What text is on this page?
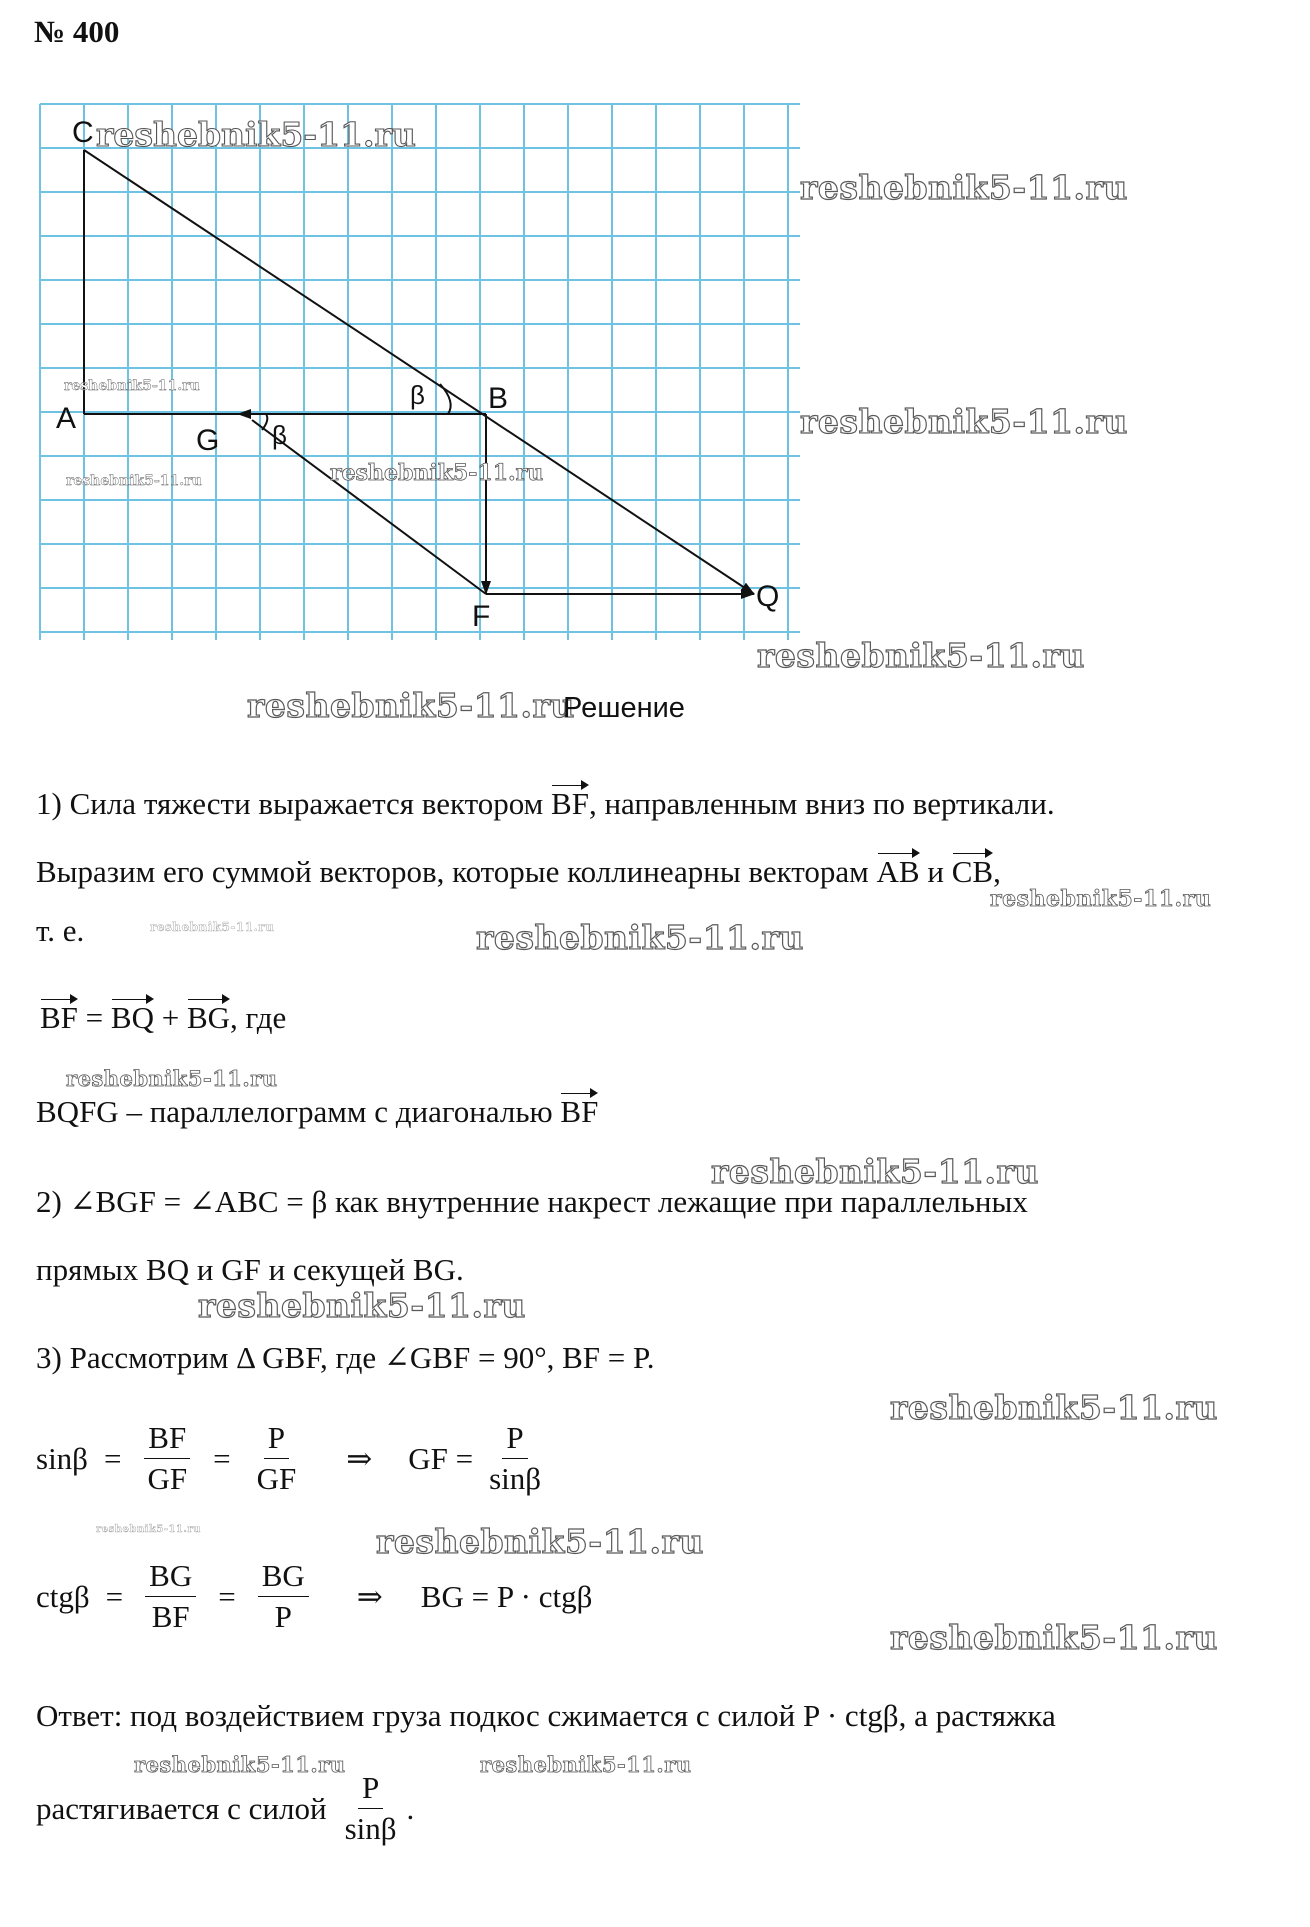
№ 400
C
A
G
B
F
Q
β
β
reshebnik5-11.ru
reshebnik5-11.ru
reshebnik5-11.ru	reshebnik5-11.ru
reshebnik5-11.ru
reshebnik5-11.ru
reshebnik5-11.ru
reshebnik5-11.ru
Решение
1) Сила тяжести выражается вектором BF, направленным вниз по вертикали.
Выразим его суммой векторов, которые коллинеарны векторам AB и CB,
reshebnik5-11.ru
т. е.	reshebnik5-11.ru	reshebnik5-11.ru
BF = BQ + BG, где
reshebnik5-11.ru
BQFG – параллелограмм с диагональю BF
reshebnik5-11.ru
2) ∠BGF = ∠ABC = β как внутренние накрест лежащие при параллельных
прямых BQ и GF и секущей BG.
reshebnik5-11.ru
3) Рассмотрим Δ GBF, где ∠GBF = 90°, BF = P.
reshebnik5-11.ru
$\sin\beta = \frac{BF}{GF} = \frac{P}{GF}$ ⇒ GF = $\frac{P}{\sin\beta}$
reshebnik5-11.ru	reshebnik5-11.ru
$ctg\beta = \frac{BG}{BF} = \frac{BG}{P}$ ⇒ BG = P · ctgβ
reshebnik5-11.ru
Ответ: под воздействием груза подкос сжимается с силой P · ctgβ, а растяжка
reshebnik5-11.ru	reshebnik5-11.ru
растягивается с силой $\frac{P}{\sin\beta}$ .
